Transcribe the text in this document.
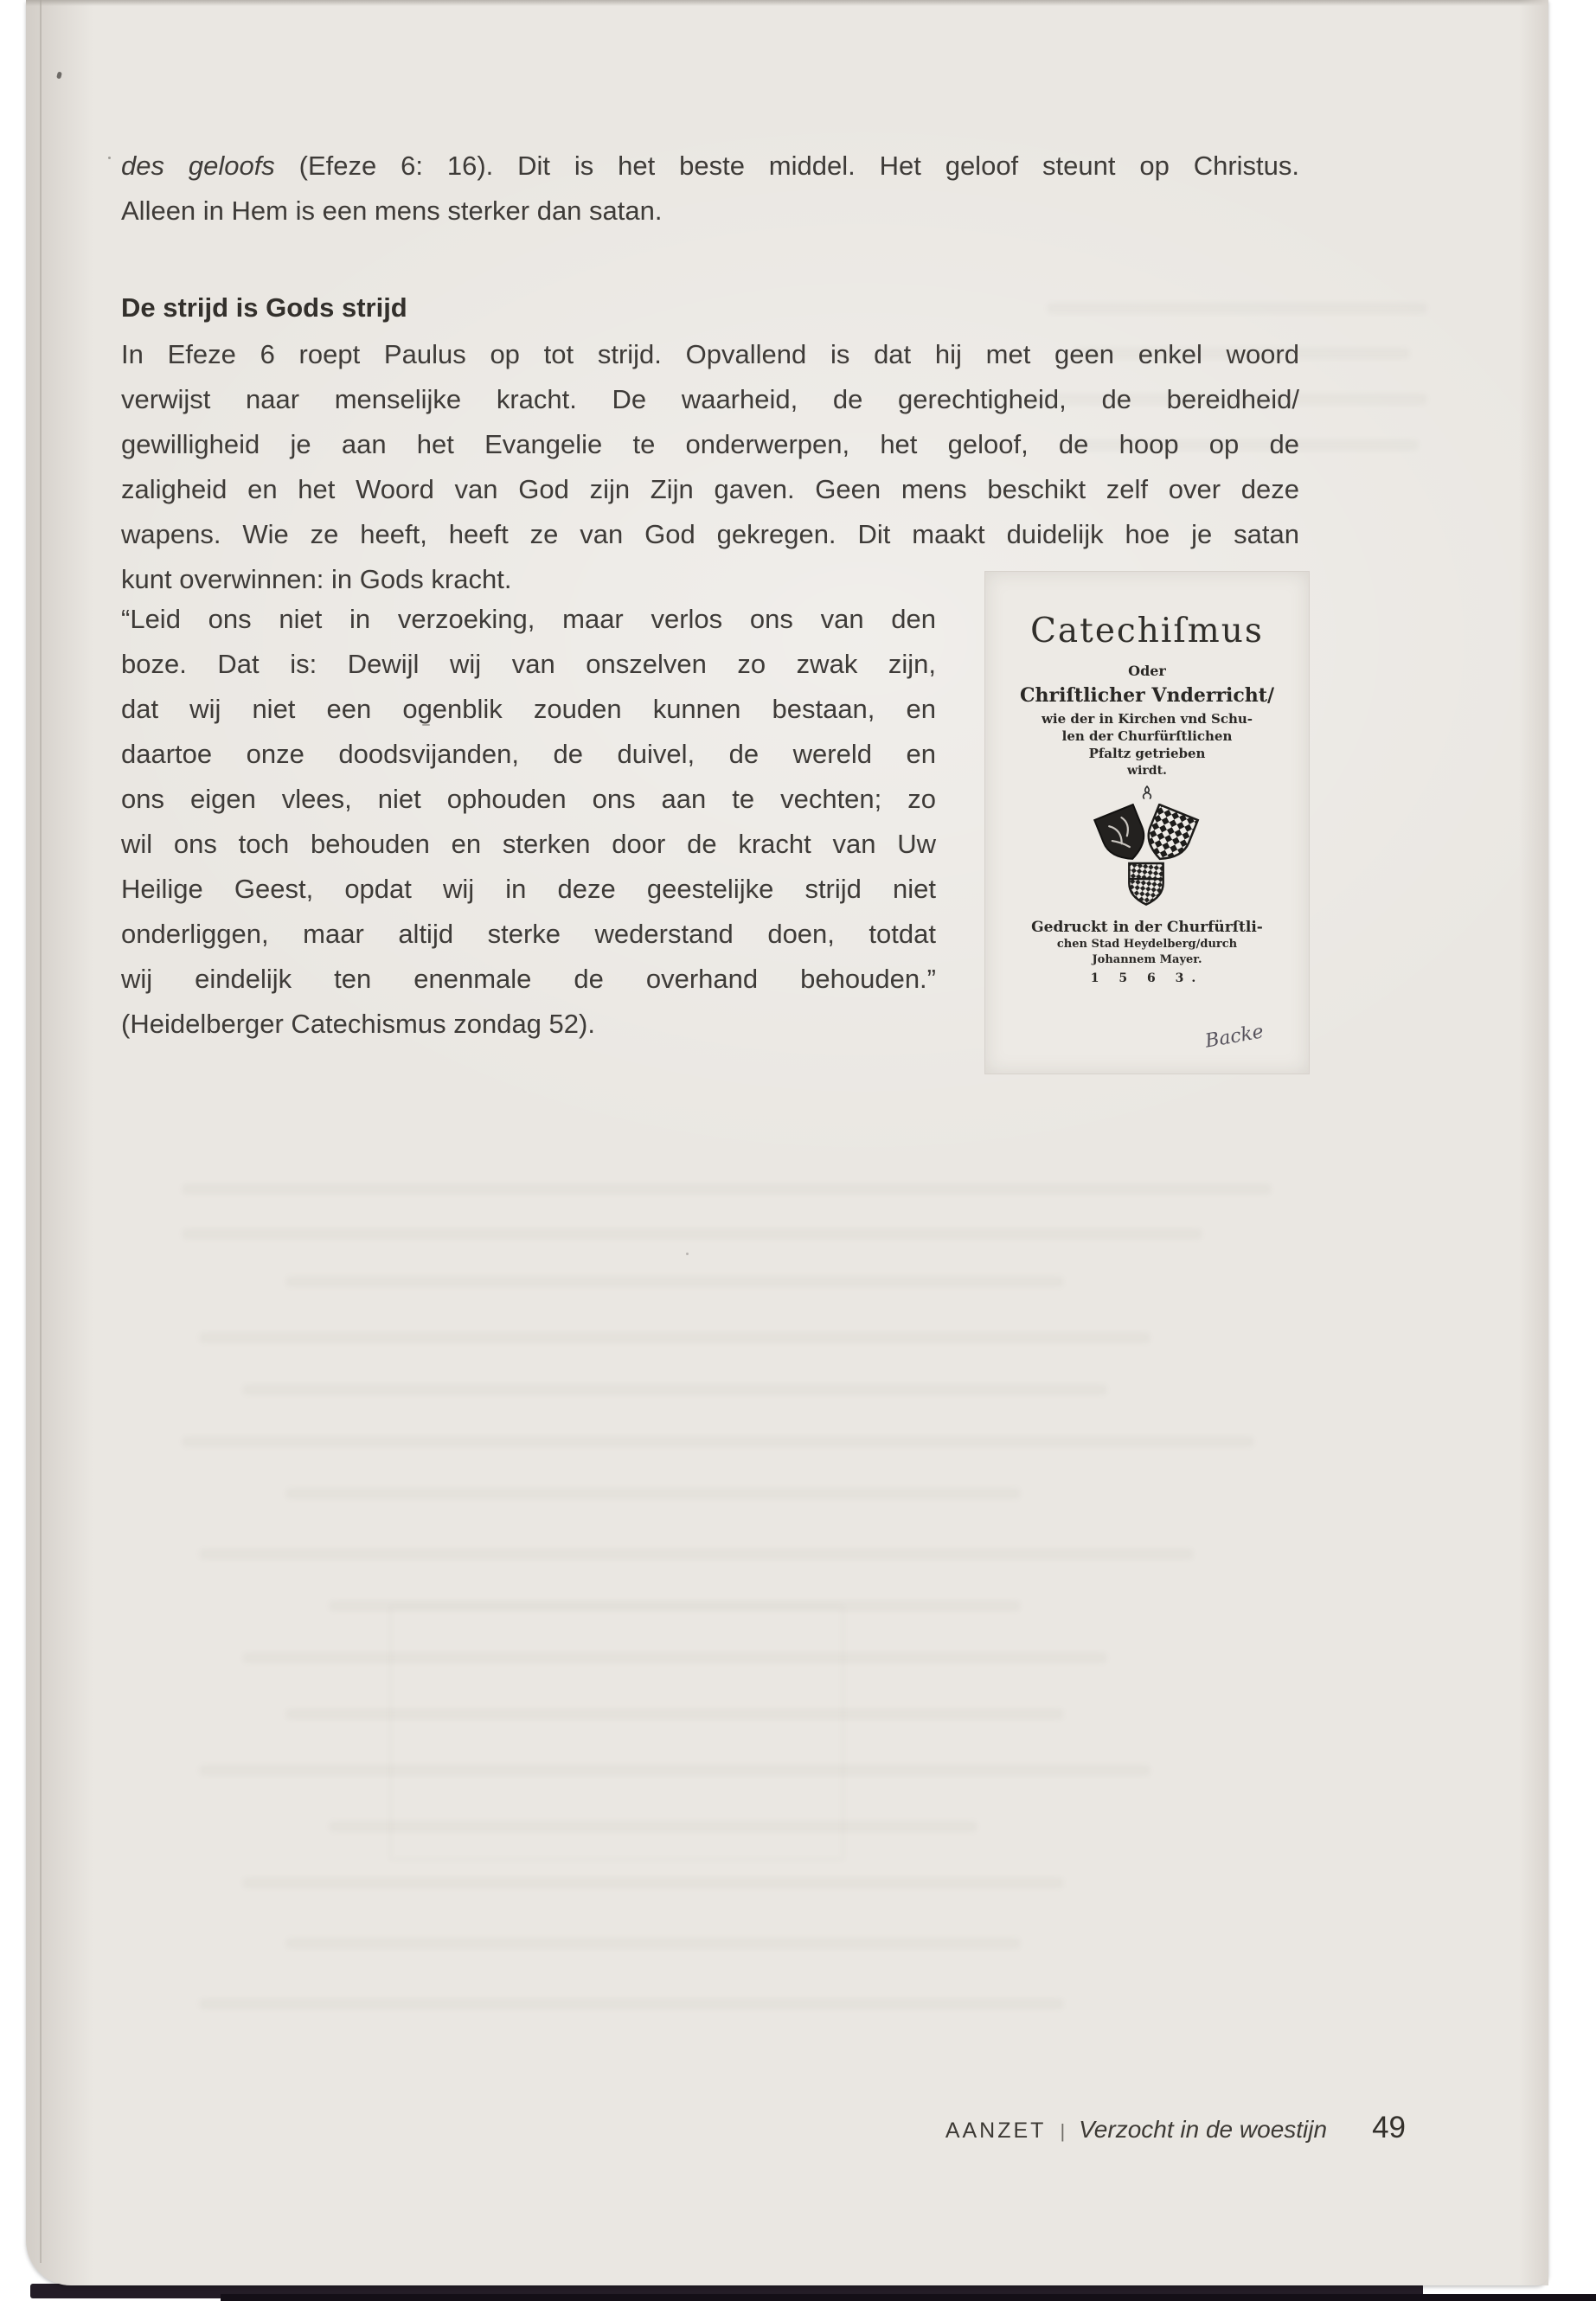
des geloofs (Efeze 6: 16). Dit is het beste middel. Het geloof steunt op Christus.
Alleen in Hem is een mens sterker dan satan.
De strijd is Gods strijd
In Efeze 6 roept Paulus op tot strijd. Opvallend is dat hij met geen enkel woord
verwijst naar menselijke kracht. De waarheid, de gerechtigheid, de bereidheid/
gewilligheid je aan het Evangelie te onderwerpen, het geloof, de hoop op de
zaligheid en het Woord van God zijn Zijn gaven. Geen mens beschikt zelf over deze
wapens. Wie ze heeft, heeft ze van God gekregen. Dit maakt duidelijk hoe je satan
kunt overwinnen: in Gods kracht.
“Leid ons niet in verzoeking, maar verlos ons van den
boze. Dat is: Dewijl wij van onszelven zo zwak zijn,
dat wij niet een ogenblik zouden kunnen bestaan, en
daartoe onze doodsvijanden, de duivel, de wereld en
ons eigen vlees, niet ophouden ons aan te vechten; zo
wil ons toch behouden en sterken door de kracht van Uw
Heilige Geest, opdat wij in deze geestelijke strijd niet
onderliggen, maar altijd sterke wederstand doen, totdat
wij eindelijk ten enenmale de overhand behouden.”
(Heidelberger Catechismus zondag 52).
Catechiſmus
Oder
Chriſtlicher Vnderricht/
wie der in Kirchen vnd Schu-
len der Churfürſtlichen
Pfaltz getrieben
wirdt.
Gedruckt in der Churfürſtli-
chen Stad Heydelberg/durch
Johannem Mayer.
1 5 6 3.
Backe
AANZET | Verzocht in de woestijn 49
